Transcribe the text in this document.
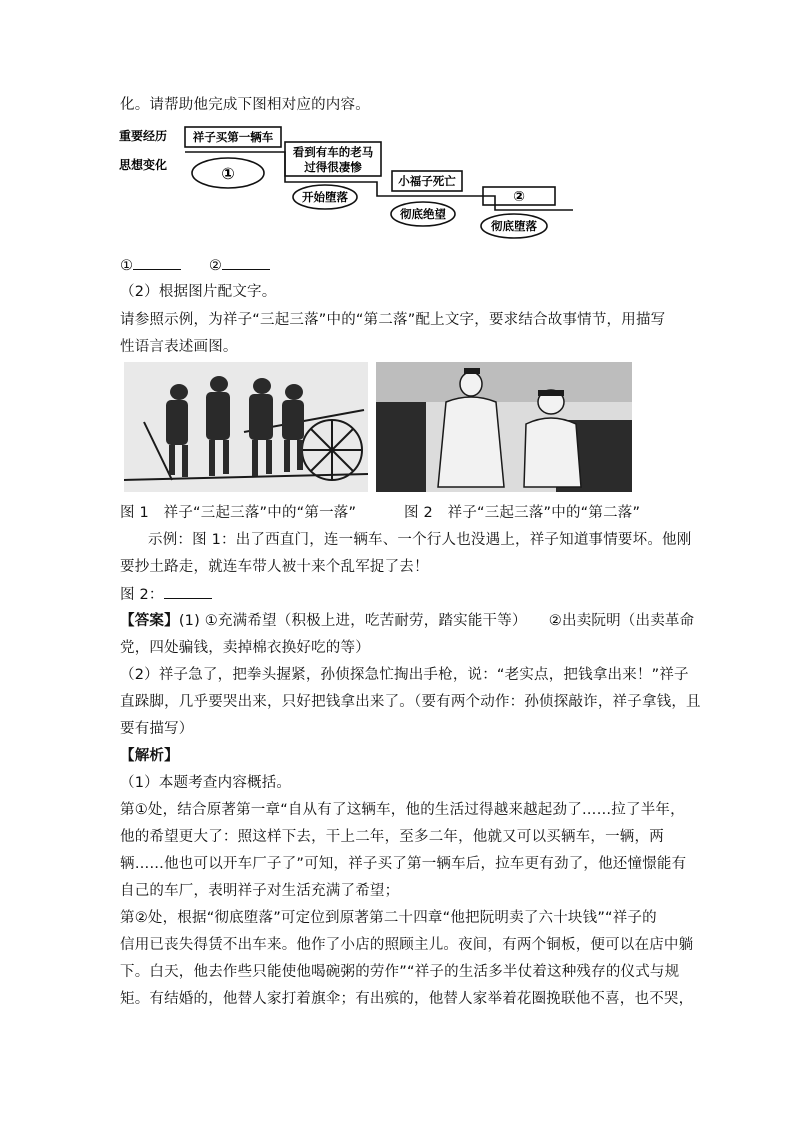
化。请帮助他完成下图相对应的内容。
重要经历
思想变化
祥子买第一辆车
看到有车的老马
过得很凄惨
小福子死亡
②
①
开始堕落
彻底绝望
彻底堕落
①	②
（2）根据图片配文字。
请参照示例，为祥子“三起三落”中的“第二落”配上文字，要求结合故事情节，用描写
性语言表述画图。
图 1　祥子“三起三落”中的“第一落”	图 2　祥子“三起三落”中的“第二落”
示例：图 1：出了西直门，连一辆车、一个行人也没遇上，祥子知道事情要坏。他刚
要抄土路走，就连车带人被十来个乱军捉了去！
图 2：
【答案】(1) ①充满希望（积极上进，吃苦耐劳，踏实能干等）　　②出卖阮明（出卖革命
党，四处骗钱，卖掉棉衣换好吃的等）
（2）祥子急了，把拳头握紧，孙侦探急忙掏出手枪，说：“老实点，把钱拿出来！”祥子
直跺脚，几乎要哭出来，只好把钱拿出来了。（要有两个动作：孙侦探敲诈，祥子拿钱，且
要有描写）
【解析】
（1）本题考查内容概括。
第①处，结合原著第一章“自从有了这辆车，他的生活过得越来越起劲了……拉了半年，
他的希望更大了：照这样下去，干上二年，至多二年，他就又可以买辆车，一辆，两
辆……他也可以开车厂子了”可知，祥子买了第一辆车后，拉车更有劲了，他还憧憬能有
自己的车厂，表明祥子对生活充满了希望；
第②处，根据“彻底堕落”可定位到原著第二十四章“他把阮明卖了六十块钱”“祥子的
信用已丧失得赁不出车来。他作了小店的照顾主儿。夜间，有两个铜板，便可以在店中躺
下。白天，他去作些只能使他喝碗粥的劳作”“祥子的生活多半仗着这种残存的仪式与规
矩。有结婚的，他替人家打着旗伞；有出殡的，他替人家举着花圈挽联他不喜，也不哭，
